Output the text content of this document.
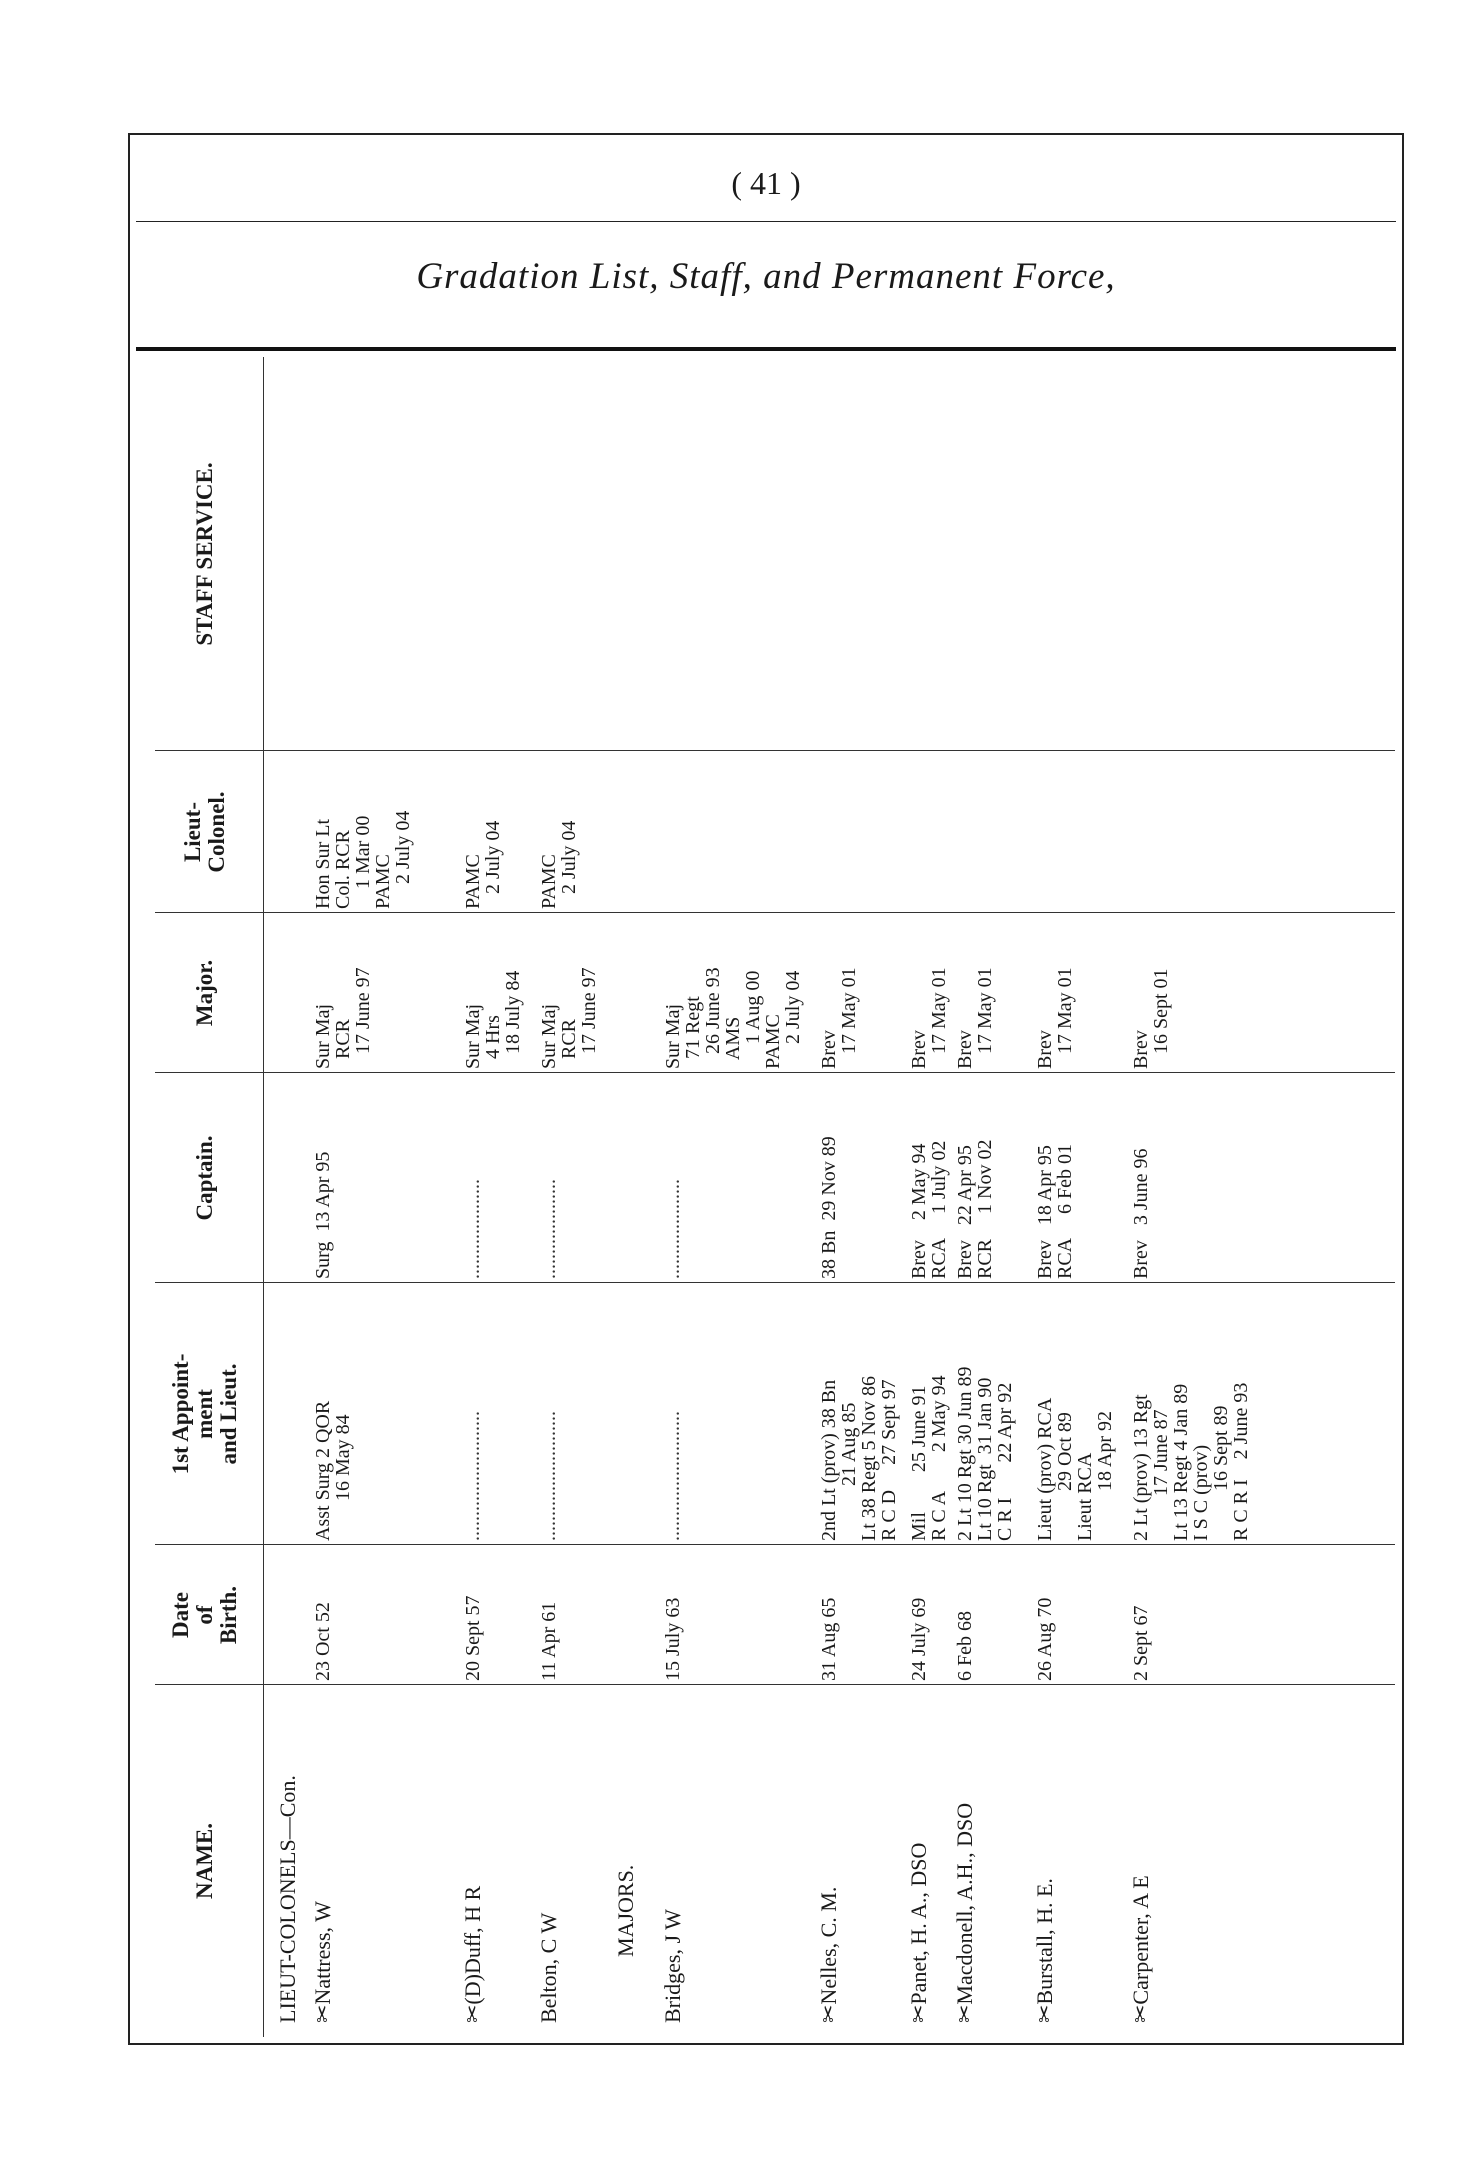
( 41 )
Gradation List, Staff, and Permanent Force,
NAME.
Date
of
Birth.
1st Appoint-
ment
and Lieut.
Captain.
Major.
Lieut-
Colonel.
STAFF SERVICE.
LIEUT-COLONELS—Con. ✂Nattress, W
23 Oct 52
Asst Surg 2 QOR
16 May 84
Surg  13 Apr 95
Sur Maj
RCR
17 June 97
Hon Sur Lt
Col. RCR
1 Mar 00
PAMC
2 July 04
✂(D)Duff, H R
20 Sept 57
..........................
....................
Sur Maj
4 Hrs
18 July 84
PAMC
2 July 04
Belton, C W
11 Apr 61
..........................
....................
Sur Maj
RCR
17 June 97
PAMC
2 July 04
MAJORS. Bridges, J W
15 July 63
..........................
....................
Sur Maj
71 Regt
26 June 93
AMS
1 Aug 00
PAMC
2 July 04
✂Nelles, C. M.
31 Aug 65
2nd Lt (prov) 38 Bn
21 Aug 85
Lt 38 Regt 5 Nov 86
R C D     27 Sept 97
38 Bn  29 Nov 89
Brev
17 May 01
✂Panet, H. A., DSO
24 July 69
Mil        25 June 91
R C A        2 May 94
Brev    2 May 94
RCA     1 July 02
Brev
17 May 01
✂Macdonell, A.H., DSO
6 Feb 68
2 Lt 10 Rgt 30 Jun 89
Lt 10 Rgt  31 Jan 90
C R I       22 Apr 92
Brev   22 Apr 95
RCR     1 Nov 02
Brev
17 May 01
✂Burstall, H. E.
26 Aug 70
Lieut (prov) RCA
29 Oct 89
Lieut RCA
18 Apr 92
Brev   18 Apr 95
RCA     6 Feb 01
Brev
17 May 01
✂Carpenter, A E
2 Sept 67
2 Lt (prov) 13 Rgt
17 June 87
Lt 13 Regt 4 Jan 89
I S C (prov)
16 Sept 89
R C R I    2 June 93
Brev   3 June 96
Brev
16 Sept 01
